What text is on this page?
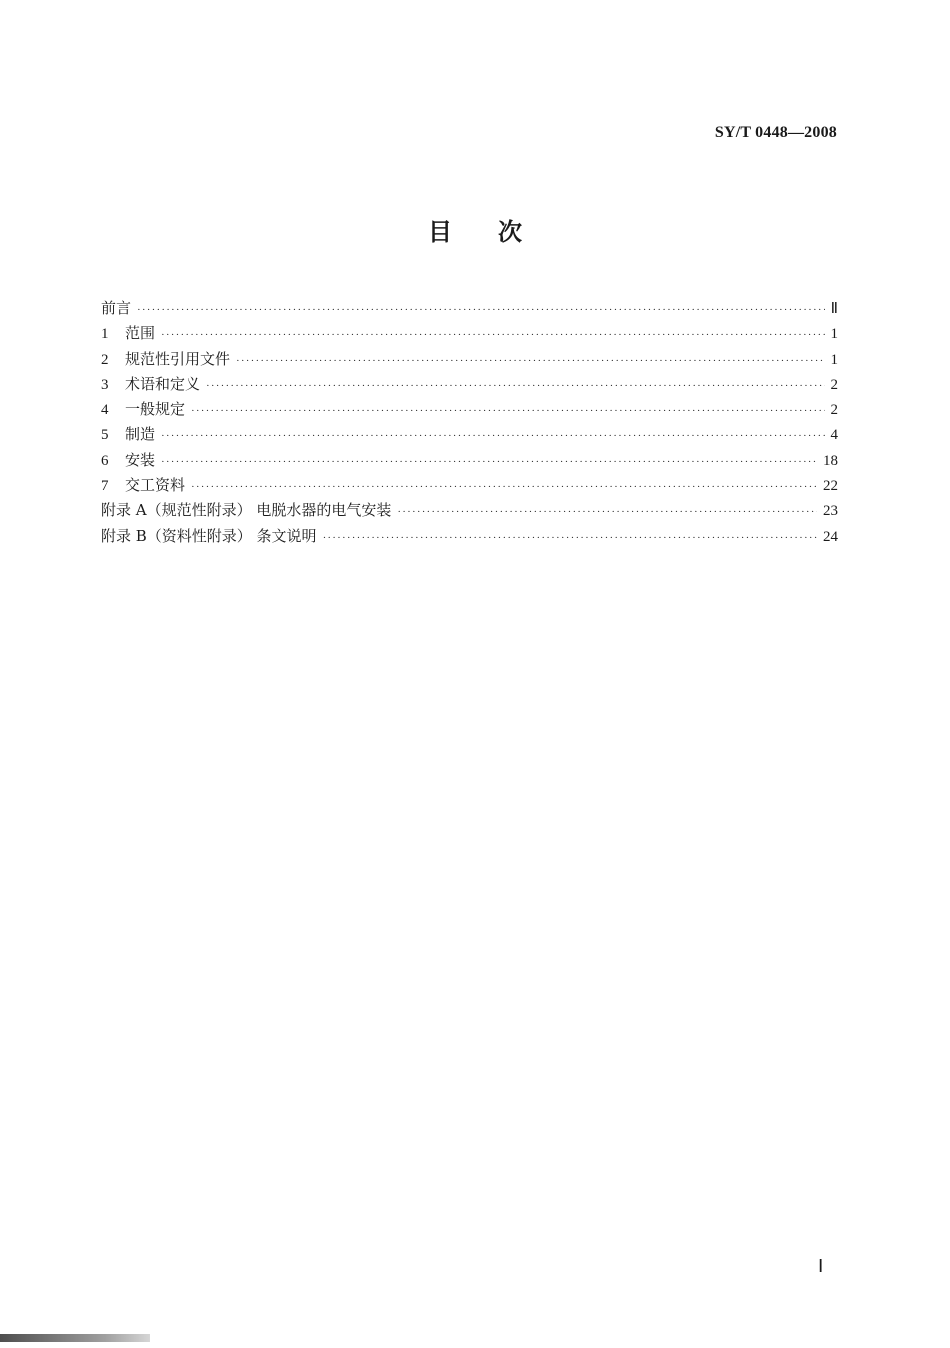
SY/T 0448—2008
目 次
前言 ·····	Ⅱ
1	范围 ·····	1
2	规范性引用文件 ·····	1
3	术语和定义 ·····	2
4	一般规定 ·····	2
5	制造 ·····	4
6	安装 ·····	18
7	交工资料 ·····	22
附录 A（规范性附录） 电脱水器的电气安装 ·····	23
附录 B（资料性附录） 条文说明 ·····	24
Ⅰ
